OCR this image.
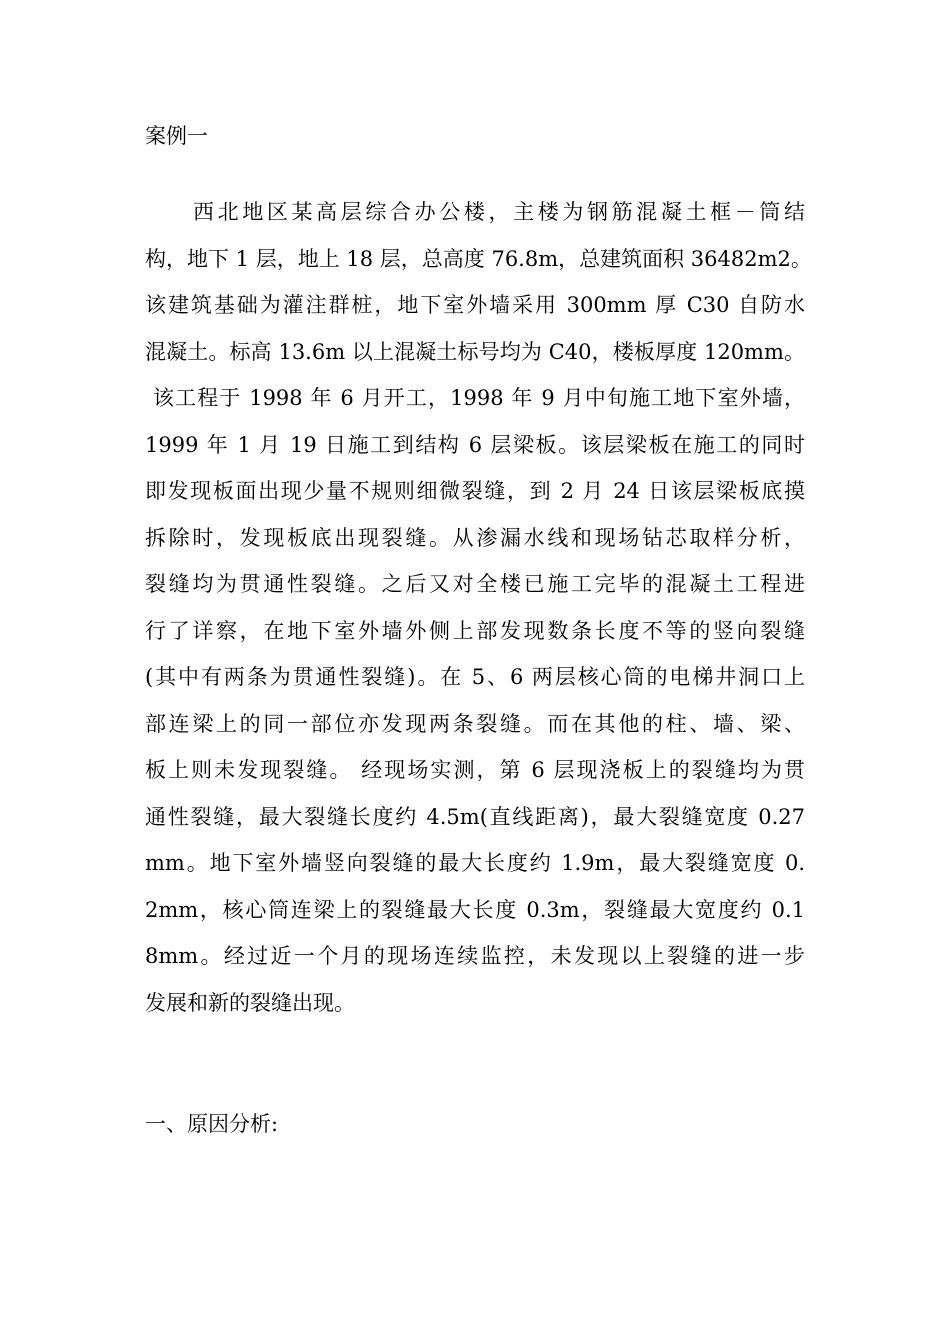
案例一
西北地区某高层综合办公楼，主楼为钢筋混凝土框－筒结
构，地下 1 层，地上 18 层，总高度 76.8m，总建筑面积 36482m2。
该建筑基础为灌注群桩，地下室外墙采用 300mm 厚 C30 自防水
混凝土。标高 13.6m 以上混凝土标号均为 C40，楼板厚度 120mm。
该工程于 1998 年 6 月开工，1998 年 9 月中旬施工地下室外墙，
1999 年 1 月 19 日施工到结构 6 层梁板。该层梁板在施工的同时
即发现板面出现少量不规则细微裂缝，到 2 月 24 日该层梁板底摸
拆除时，发现板底出现裂缝。从渗漏水线和现场钻芯取样分析，
裂缝均为贯通性裂缝。之后又对全楼已施工完毕的混凝土工程进
行了详察，在地下室外墙外侧上部发现数条长度不等的竖向裂缝
(其中有两条为贯通性裂缝)。在 5、6 两层核心筒的电梯井洞口上
部连梁上的同一部位亦发现两条裂缝。而在其他的柱、墙、梁、
板上则未发现裂缝。 经现场实测，第 6 层现浇板上的裂缝均为贯
通性裂缝，最大裂缝长度约 4.5m(直线距离)，最大裂缝宽度 0.27
mm。地下室外墙竖向裂缝的最大长度约 1.9m，最大裂缝宽度 0.
2mm，核心筒连梁上的裂缝最大长度 0.3m，裂缝最大宽度约 0.1
8mm。经过近一个月的现场连续监控，未发现以上裂缝的进一步
发展和新的裂缝出现。
一、原因分析:
